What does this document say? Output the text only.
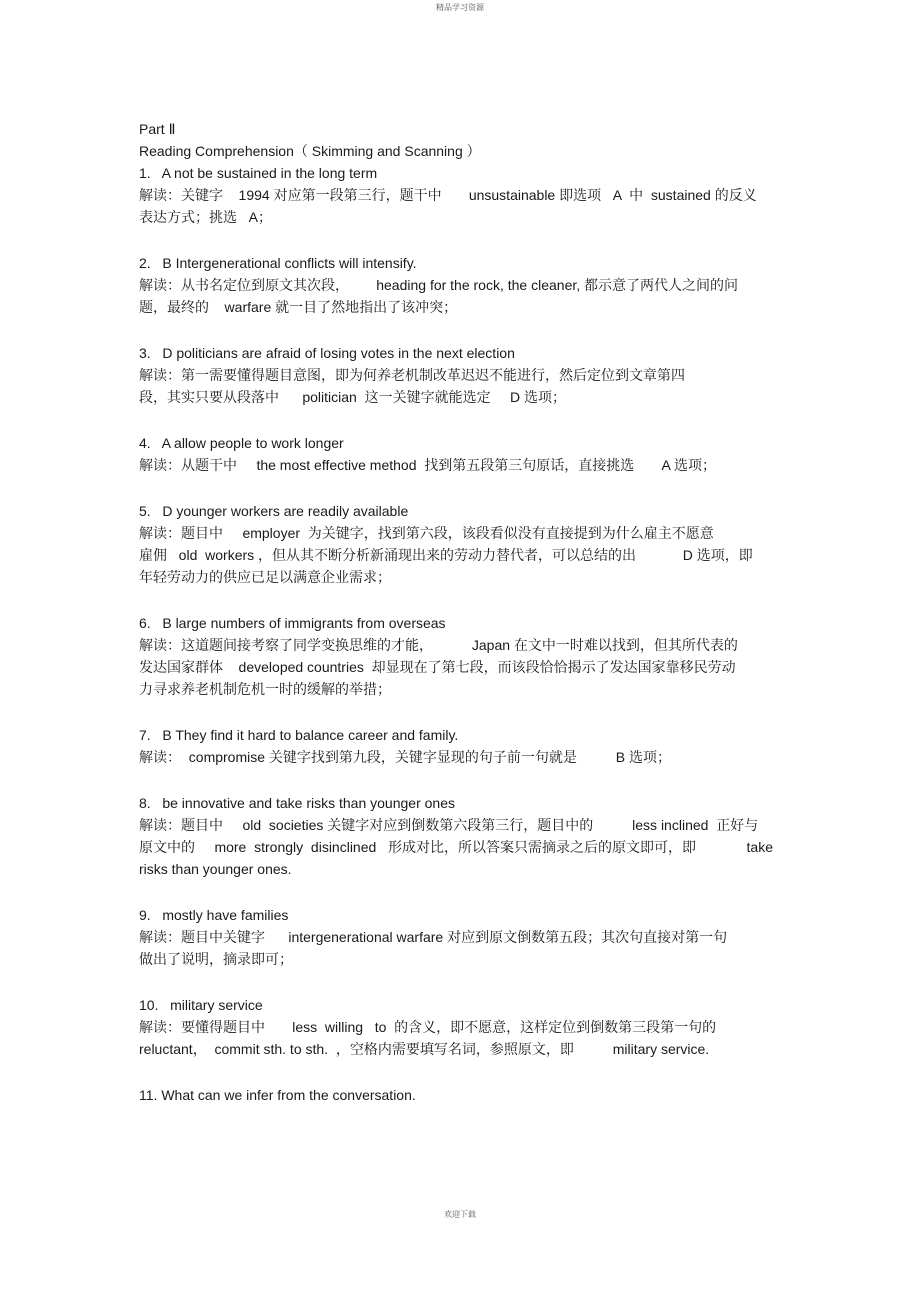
精品学习资源
Part Ⅱ
Reading Comprehension（ Skimming and Scanning ）
1.   A not be sustained in the long term
解读：关键字    1994 对应第一段第三行，题干中       unsustainable 即选项   A  中  sustained 的反义
表达方式；挑选   A；
2.   B Intergenerational conflicts will intensify.
解读：从书名定位到原文其次段，       heading for the rock, the cleaner, 都示意了两代人之间的问
题，最终的    warfare 就一目了然地指出了该冲突；
3.   D politicians are afraid of losing votes in the next election
解读：第一需要懂得题目意图，即为何养老机制改革迟迟不能进行，然后定位到文章第四
段，其实只要从段落中      politician  这一关键字就能选定     D 选项；
4.   A allow people to work longer
解读：从题干中     the most effective method  找到第五段第三句原话，直接挑选       A 选项；
5.   D younger workers are readily available
解读：题目中     employer  为关键字，找到第六段，该段看似没有直接提到为什么雇主不愿意
雇佣   old  workers ，但从其不断分析新涌现出来的劳动力替代者，可以总结的出            D 选项，即
年轻劳动力的供应已足以满意企业需求；
6.   B large numbers of immigrants from overseas
解读：这道题间接考察了同学变换思维的才能，          Japan 在文中一时难以找到，但其所代表的
发达国家群体    developed countries  却显现在了第七段，而该段恰恰揭示了发达国家靠移民劳动
力寻求养老机制危机一时的缓解的举措；
7.   B They find it hard to balance career and family.
解读：  compromise 关键字找到第九段，关键字显现的句子前一句就是          B 选项；
8.   be innovative and take risks than younger ones
解读：题目中     old  societies 关键字对应到倒数第六段第三行，题目中的          less inclined  正好与
原文中的     more  strongly  disinclined   形成对比，所以答案只需摘录之后的原文即可，即             take
risks than younger ones.
9.   mostly have families
解读：题目中关键字      intergenerational warfare 对应到原文倒数第五段；其次句直接对第一句
做出了说明，摘录即可；
10.   military service
解读：要懂得题目中       less  willing   to  的含义，即不愿意，这样定位到倒数第三段第一句的
reluctant，  commit sth. to sth.  ，空格内需要填写名词，参照原文，即          military service.
11. What can we infer from the conversation.
欢迎下载
